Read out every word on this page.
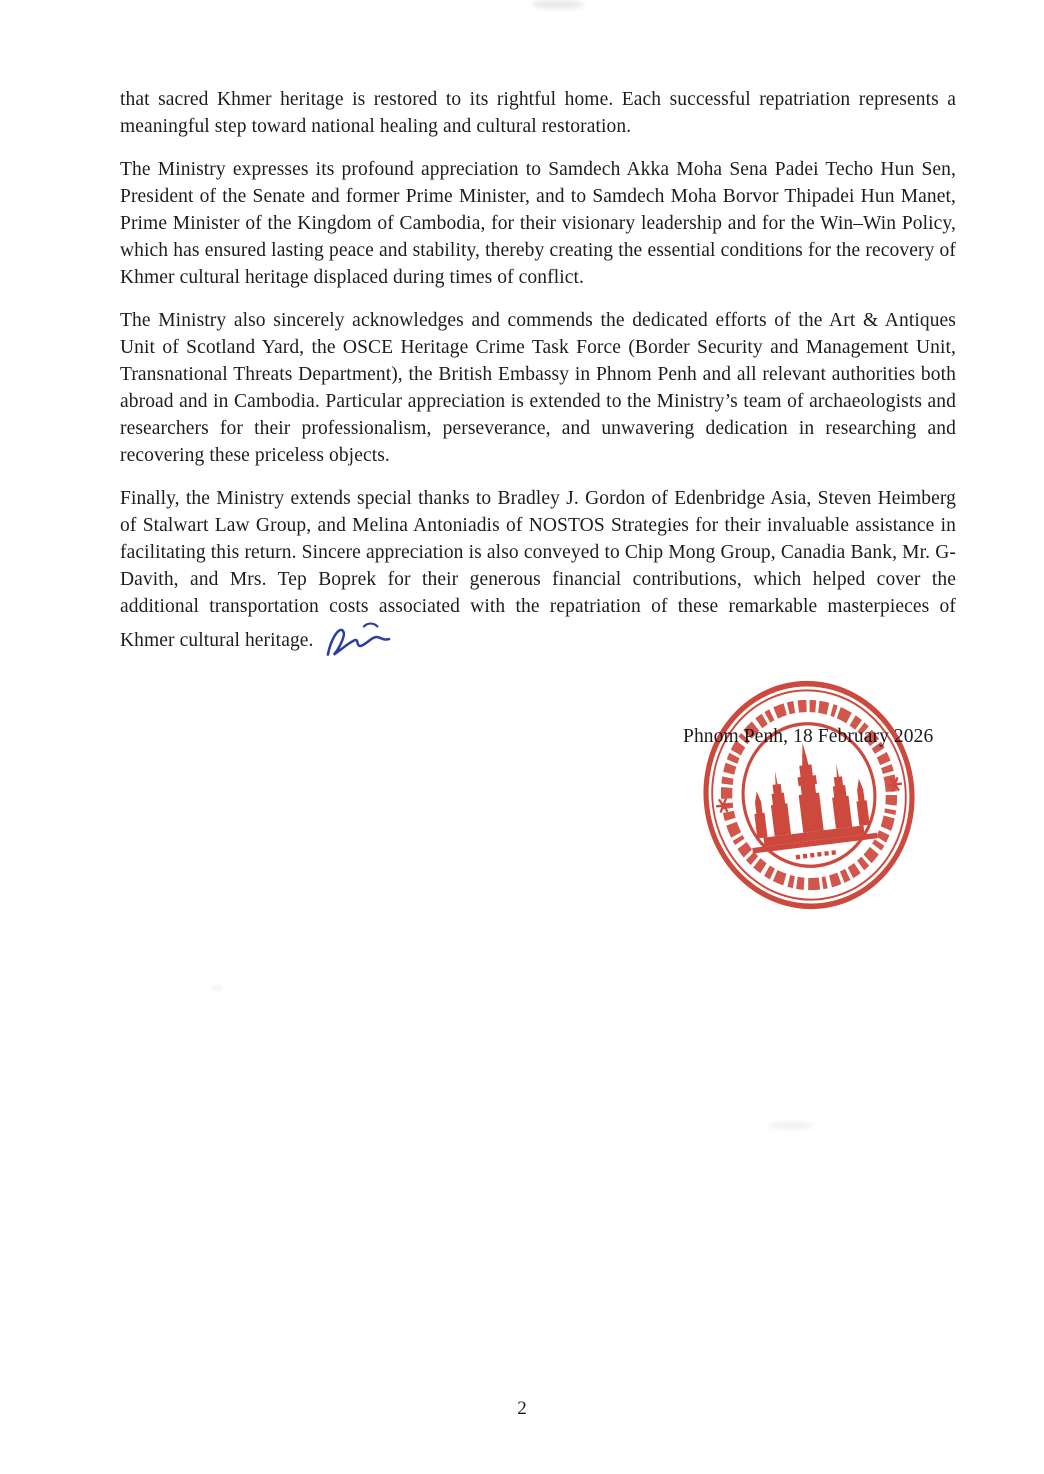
that sacred Khmer heritage is restored to its rightful home. Each successful repatriation represents a meaningful step toward national healing and cultural restoration.

The Ministry expresses its profound appreciation to Samdech Akka Moha Sena Padei Techo Hun Sen, President of the Senate and former Prime Minister, and to Samdech Moha Borvor Thipadei Hun Manet, Prime Minister of the Kingdom of Cambodia, for their visionary leadership and for the Win–Win Policy, which has ensured lasting peace and stability, thereby creating the essential conditions for the recovery of Khmer cultural heritage displaced during times of conflict.

The Ministry also sincerely acknowledges and commends the dedicated efforts of the Art & Antiques Unit of Scotland Yard, the OSCE Heritage Crime Task Force (Border Security and Management Unit, Transnational Threats Department), the British Embassy in Phnom Penh and all relevant authorities both abroad and in Cambodia. Particular appreciation is extended to the Ministry’s team of archaeologists and researchers for their professionalism, perseverance, and unwavering dedication in researching and recovering these priceless objects.

Finally, the Ministry extends special thanks to Bradley J. Gordon of Edenbridge Asia, Steven Heimberg of Stalwart Law Group, and Melina Antoniadis of NOSTOS Strategies for their invaluable assistance in facilitating this return. Sincere appreciation is also conveyed to Chip Mong Group, Canadia Bank, Mr. G-Davith, and Mrs. Tep Boprek for their generous financial contributions, which helped cover the additional transportation costs associated with the repatriation of these remarkable masterpieces of Khmer cultural heritage.

Phnom Penh, 18 February 2026
2
